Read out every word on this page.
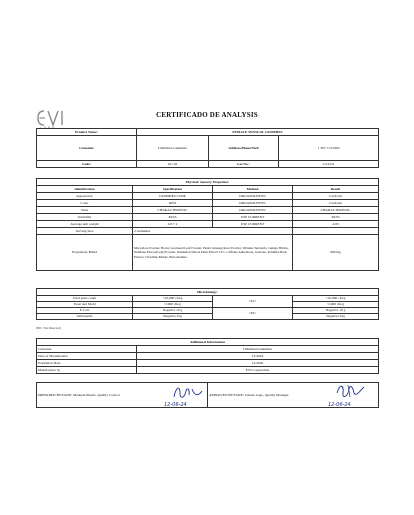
LABS
CERTIFICADO DE ANALYSIS
Product Name:	FEMALE SENSUAL GUMMIES		
Customer	Unlimited Gummies	Address/Phone/Web	1 305 713 9400
Code:	UG 02	Lot No.:	1112241
Physical/ Sensory Properties:			
Identification	Specification	Method	Result
Appearance	GUMMIES CUBE	ORGANOLEPTIC	Conform
Color	RED	ORGANOLEPTIC	Conform
Taste	CHARACTERISTIC	ORGANOLEPTIC	CHARACTERISTIC
Solubility	PASS	USP CURRENT	PASS
Average unit weight	4.8 ± 2	USP CURRENT	4.83
Serving Size	2 Gummies		
Proprietary Blend	Maca Root Powder, Horny Goatweed Leaf Powder, Panax Ginseng Root Powder, Tribulus Terrestris, Ginkgo Biloba, Damiana Extract(Leaf) Powder, Dandelion Whole Plant Extract 10:1, Caffeine Anhydrous, Guarana, Yohimbe Bark Extract, Citrulline Malate, Beta Alanine.		900 mg
Microbiology:			
Total plate count	<10,000 cfu/g	<61>	<10,000 cfu/g
Yeast and Mold	<1000 cfu/g		<1000 cfu/g
E Coli	Negative 10 g	<62>	Negative 10 g
Salmonella	Negative 25g		Negative 25g
(ND : Not Detected)
Additional Information	
Customer	Unlimited Gummies
Date of Manufacture:	12/2024
Expiration Date	12/2026
Manufacture by	EVI Corporation
PREPARED BY/DATE: Manuela Pineda, Quality Control	APPROVED BY/DATE: Liliana Lugo, Quality Manager
12-06-24	12-06-24
